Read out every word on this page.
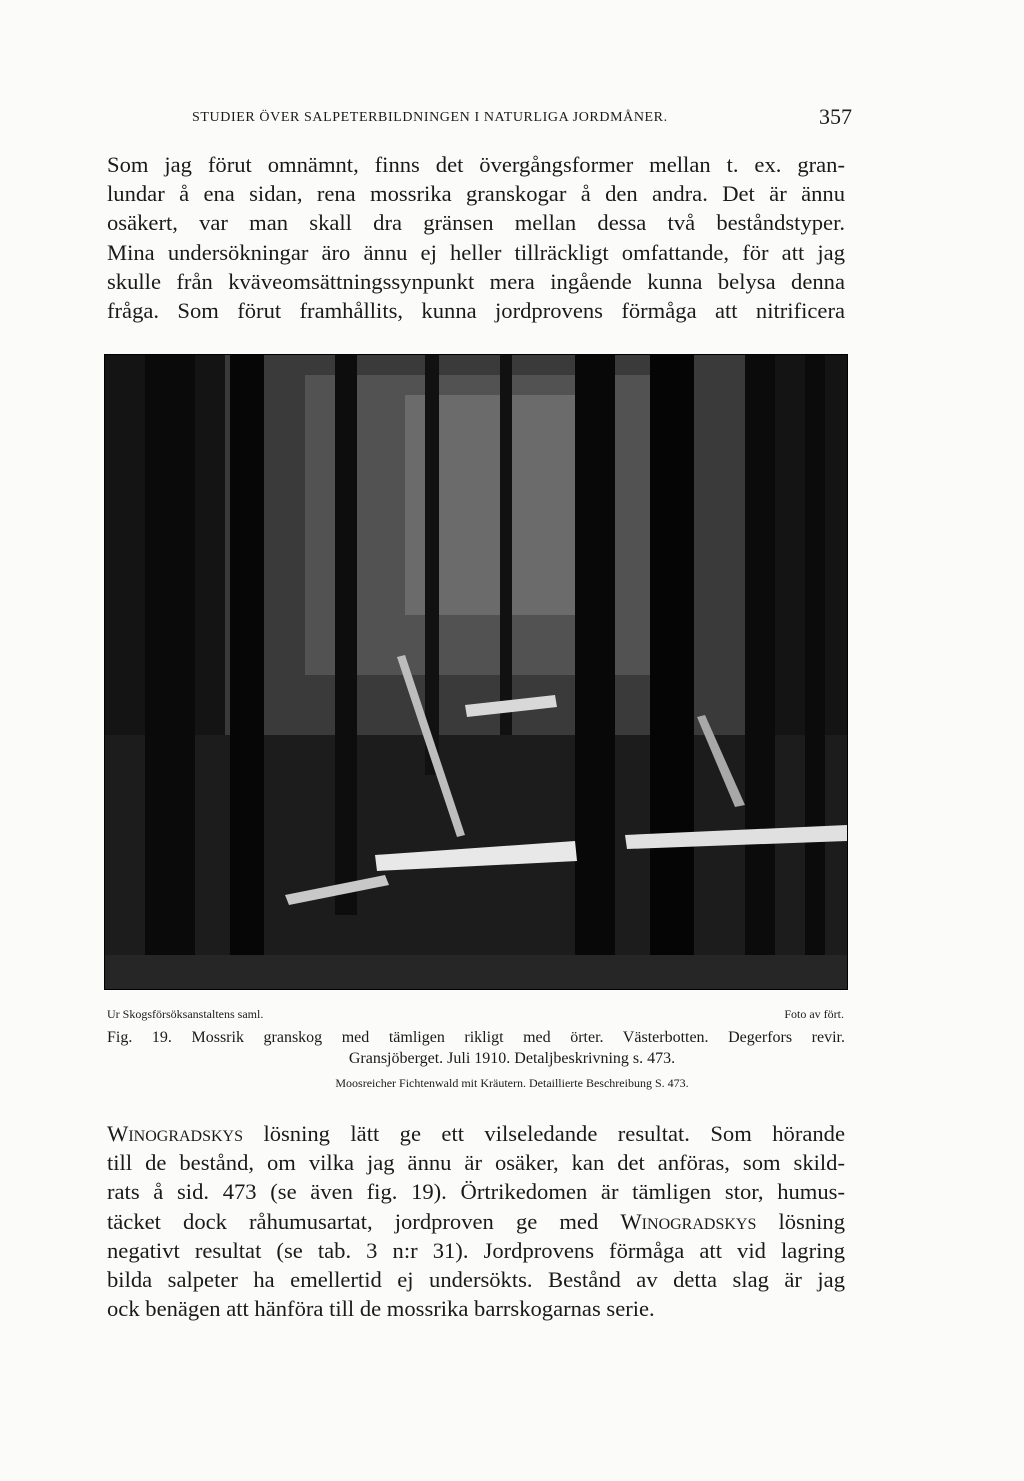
STUDIER ÖVER SALPETERBILDNINGEN I NATURLIGA JORDMÅNER.	357
Som jag förut omnämnt, finns det övergångsformer mellan t. ex. gran-
lundar å ena sidan, rena mossrika granskogar å den andra. Det är ännu
osäkert, var man skall dra gränsen mellan dessa två beståndstyper.
Mina undersökningar äro ännu ej heller tillräckligt omfattande, för att jag
skulle från kväveomsättningssynpunkt mera ingående kunna belysa denna
fråga. Som förut framhållits, kunna jordprovens förmåga att nitrificera
Ur Skogsförsöksanstaltens saml.	Foto av fört.
Fig. 19. Mossrik granskog med tämligen rikligt med örter. Västerbotten. Degerfors revir.
Gransjöberget. Juli 1910. Detaljbeskrivning s. 473.
Moosreicher Fichtenwald mit Kräutern. Detaillierte Beschreibung S. 473.
Winogradskys lösning lätt ge ett vilseledande resultat. Som hörande
till de bestånd, om vilka jag ännu är osäker, kan det anföras, som skild-
rats å sid. 473 (se även fig. 19). Örtrikedomen är tämligen stor, humus-
täcket dock råhumusartat, jordproven ge med Winogradskys lösning
negativt resultat (se tab. 3 n:r 31). Jordprovens förmåga att vid lagring
bilda salpeter ha emellertid ej undersökts. Bestånd av detta slag är jag
ock benägen att hänföra till de mossrika barrskogarnas serie.
